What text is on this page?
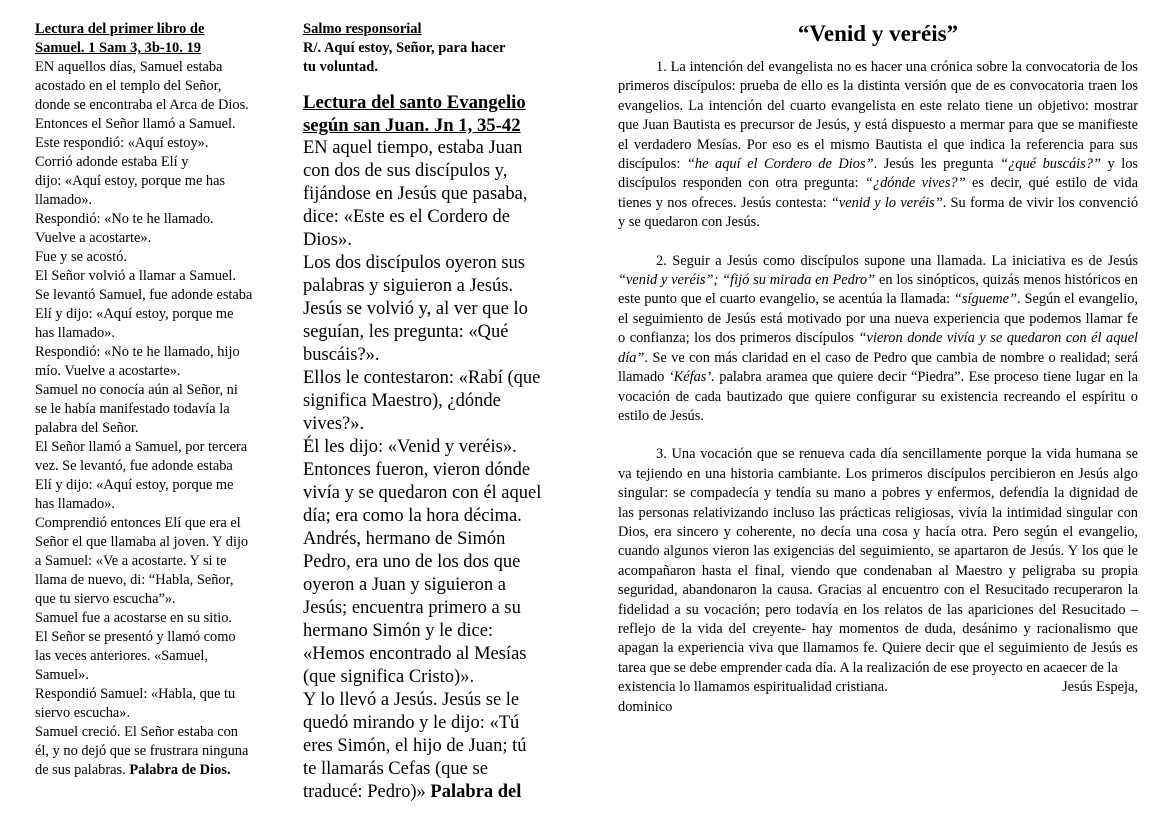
Lectura del primer libro de
Samuel. 1 Sam 3, 3b-10. 19
EN aquellos días, Samuel estaba
acostado en el templo del Señor,
donde se encontraba el Arca de Dios.
Entonces el Señor llamó a Samuel.
Este respondió: «Aquí estoy».
Corrió adonde estaba Elí y
dijo: «Aquí estoy, porque me has
llamado».
Respondió: «No te he llamado.
Vuelve a acostarte».
Fue y se acostó.
El Señor volvió a llamar a Samuel.
Se levantó Samuel, fue adonde estaba
Elí y dijo: «Aquí estoy, porque me
has llamado».
Respondió: «No te he llamado, hijo
mío. Vuelve a acostarte».
Samuel no conocía aún al Señor, ni
se le había manifestado todavía la
palabra del Señor.
El Señor llamó a Samuel, por tercera
vez. Se levantó, fue adonde estaba
Elí y dijo: «Aquí estoy, porque me
has llamado».
Comprendió entonces Elí que era el
Señor el que llamaba al joven. Y dijo
a Samuel: «Ve a acostarte. Y si te
llama de nuevo, di: “Habla, Señor,
que tu siervo escucha”».
Samuel fue a acostarse en su sitio.
El Señor se presentó y llamó como
las veces anteriores. «Samuel,
Samuel».
Respondió Samuel: «Habla, que tu
siervo escucha».
Samuel creció. El Señor estaba con
él, y no dejó que se frustrara ninguna
de sus palabras. Palabra de Dios.
Salmo responsorial
R/. Aquí estoy, Señor, para hacer
tu voluntad.
Lectura del santo Evangelio
según san Juan. Jn 1, 35-42
EN aquel tiempo, estaba Juan
con dos de sus discípulos y,
fijándose en Jesús que pasaba,
dice: «Este es el Cordero de
Dios».
Los dos discípulos oyeron sus
palabras y siguieron a Jesús.
Jesús se volvió y, al ver que lo
seguían, les pregunta: «Qué
buscáis?».
Ellos le contestaron: «Rabí (que
significa Maestro), ¿dónde
vives?».
Él les dijo: «Venid y veréis».
Entonces fueron, vieron dónde
vivía y se quedaron con él aquel
día; era como la hora décima.
Andrés, hermano de Simón
Pedro, era uno de los dos que
oyeron a Juan y siguieron a
Jesús; encuentra primero a su
hermano Simón y le dice:
«Hemos encontrado al Mesías
(que significa Cristo)».
Y lo llevó a Jesús. Jesús se le
quedó mirando y le dijo: «Tú
eres Simón, el hijo de Juan; tú
te llamarás Cefas (que se
traducé: Pedro)» Palabra del
“Venid y veréis”

1. La intención del evangelista no es hacer una crónica sobre la convocatoria de los primeros discípulos: prueba de ello es la distinta versión que de es convocatoria traen los evangelios. La intención del cuarto evangelista en este relato tiene un objetivo: mostrar que Juan Bautista es precursor de Jesús, y está dispuesto a mermar para que se manifieste el verdadero Mesías. Por eso es el mismo Bautista el que indica la referencia para sus discípulos: “he aquí el Cordero de Dios”. Jesús les pregunta “¿qué buscáis?” y los discípulos responden con otra pregunta: “¿dónde vives?” es decir, qué estilo de vida tienes y nos ofreces. Jesús contesta: “venid y lo veréis”. Su forma de vivir los convenció y se quedaron con Jesús.

2. Seguir a Jesús como discípulos supone una llamada. La iniciativa es de Jesús “venid y veréis”; “fijó su mirada en Pedro” en los sinópticos, quizás menos históricos en este punto que el cuarto evangelio, se acentúa la llamada: “sígueme”. Según el evangelio, el seguimiento de Jesús está motivado por una nueva experiencia que podemos llamar fe o confianza; los dos primeros discípulos “vieron donde vivía y se quedaron con él aquel día”. Se ve con más claridad en el caso de Pedro que cambia de nombre o realidad; será llamado ‘Kéfas’. palabra aramea que quiere decir “Piedra”. Ese proceso tiene lugar en la vocación de cada bautizado que quiere configurar su existencia recreando el espíritu o estilo de Jesús.

3. Una vocación que se renueva cada día sencillamente porque la vida humana se va tejiendo en una historia cambiante. Los primeros discípulos percibieron en Jesús algo singular: se compadecía y tendía su mano a pobres y enfermos, defendía la dignidad de las personas relativizando incluso las prácticas religiosas, vivía la intimidad singular con Dios, era sincero y coherente, no decía una cosa y hacía otra. Pero según el evangelio, cuando algunos vieron las exigencias del seguimiento, se apartaron de Jesús. Y los que le acompañaron hasta el final, viendo que condenaban al Maestro y peligraba su propia seguridad, abandonaron la causa. Gracias al encuentro con el Resucitado recuperaron la fidelidad a su vocación; pero todavía en los relatos de las apariciones del Resucitado – reflejo de la vida del creyente- hay momentos de duda, desánimo y racionalismo que apagan la experiencia viva que llamamos fe. Quiere decir que el seguimiento de Jesús es tarea que se debe emprender cada día. A la realización de ese proyecto en acaecer de la

existencia lo llamamos espiritualidad cristiana.	Jesús Espeja,
dominico
